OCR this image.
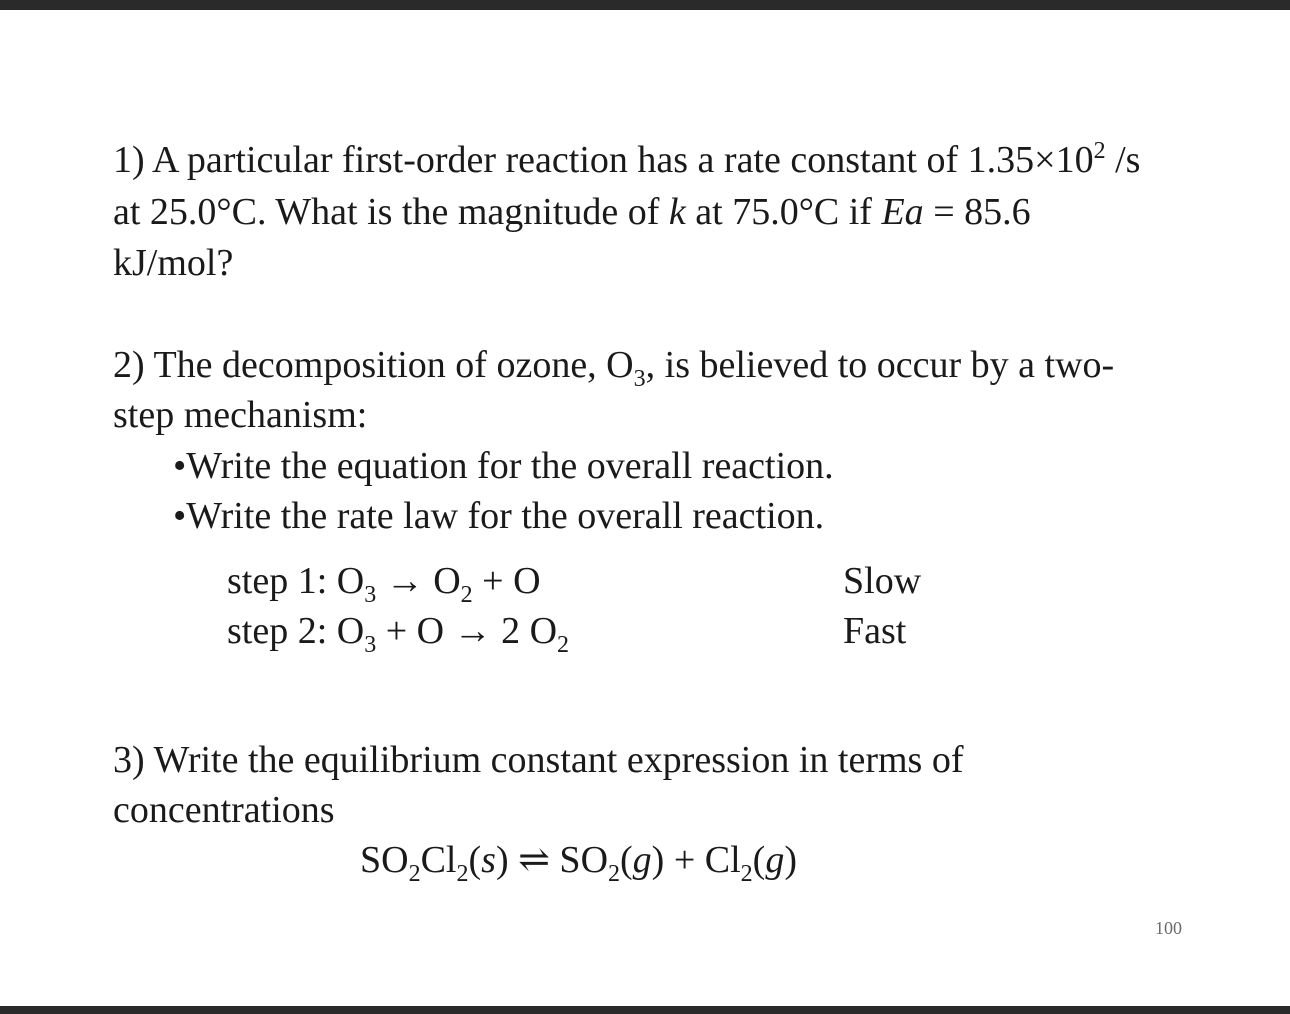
1) A particular first-order reaction has a rate constant of $1.35\times 10^2$ /s
at 25.0°C. What is the magnitude of k at 75.0°C if Ea = 85.6
kJ/mol?
2) The decomposition of ozone, $O_3$, is believed to occur by a two-
step mechanism:
•Write the equation for the overall reaction.
•Write the rate law for the overall reaction.
step 1: $O_3 \to O_2 + O$	Slow
step 2: $O_3 + O \to 2$ $O_2$	Fast
3) Write the equilibrium constant expression in terms of
concentrations
$SO_2Cl_2(s)$ ⇌ $SO_2(g) + Cl_2(g)$
100
